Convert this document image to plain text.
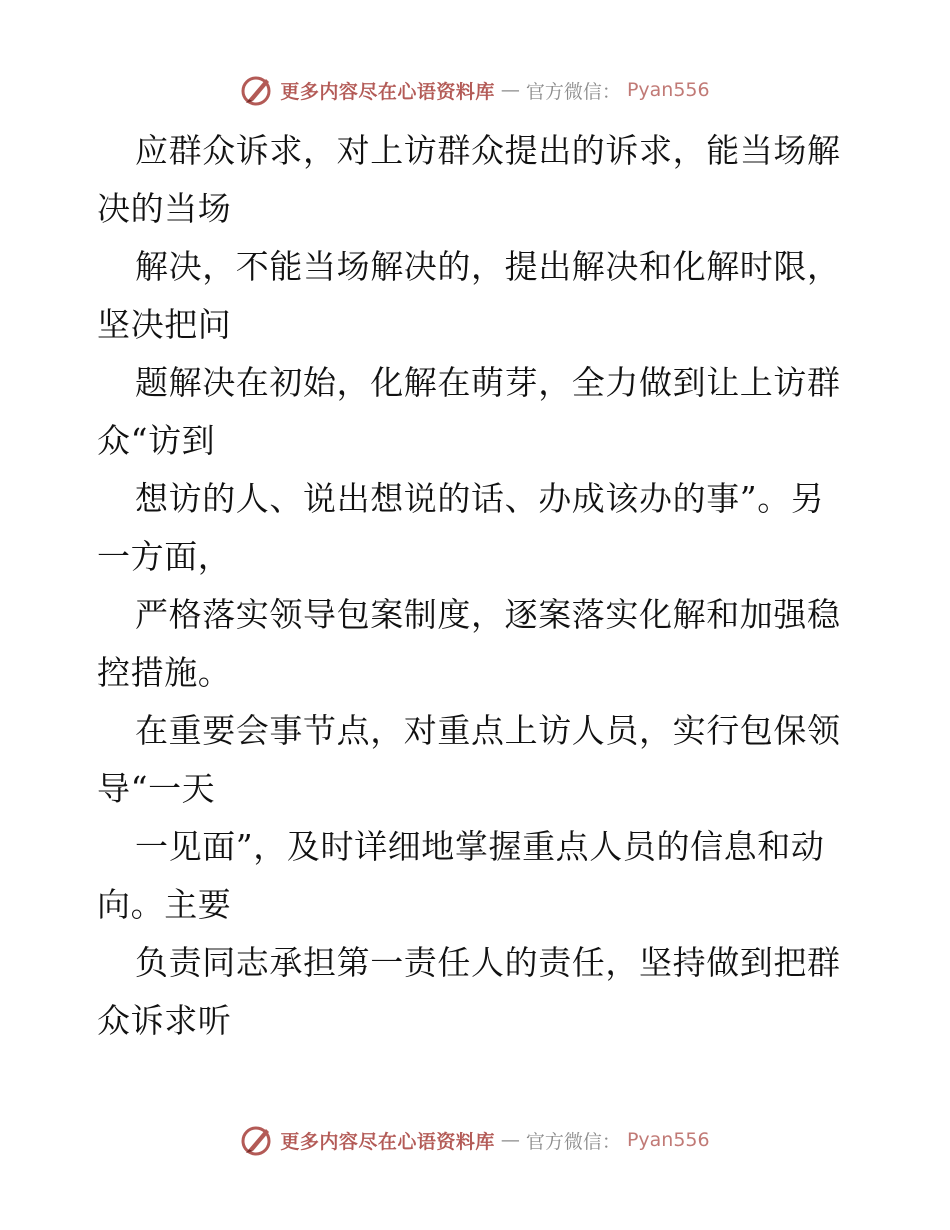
更多内容尽在心语资料库 — 官方微信： Pyan556

应群众诉求，对上访群众提出的诉求，能当场解
决的当场

解决，不能当场解决的，提出解决和化解时限，
坚决把问

题解决在初始，化解在萌芽，全力做到让上访群
众“访到

想访的人、说出想说的话、办成该办的事”。另
一方面，

严格落实领导包案制度，逐案落实化解和加强稳
控措施。

在重要会事节点，对重点上访人员，实行包保领
导“一天

一见面”，及时详细地掌握重点人员的信息和动
向。主要

负责同志承担第一责任人的责任，坚持做到把群
众诉求听

更多内容尽在心语资料库 — 官方微信： Pyan556
